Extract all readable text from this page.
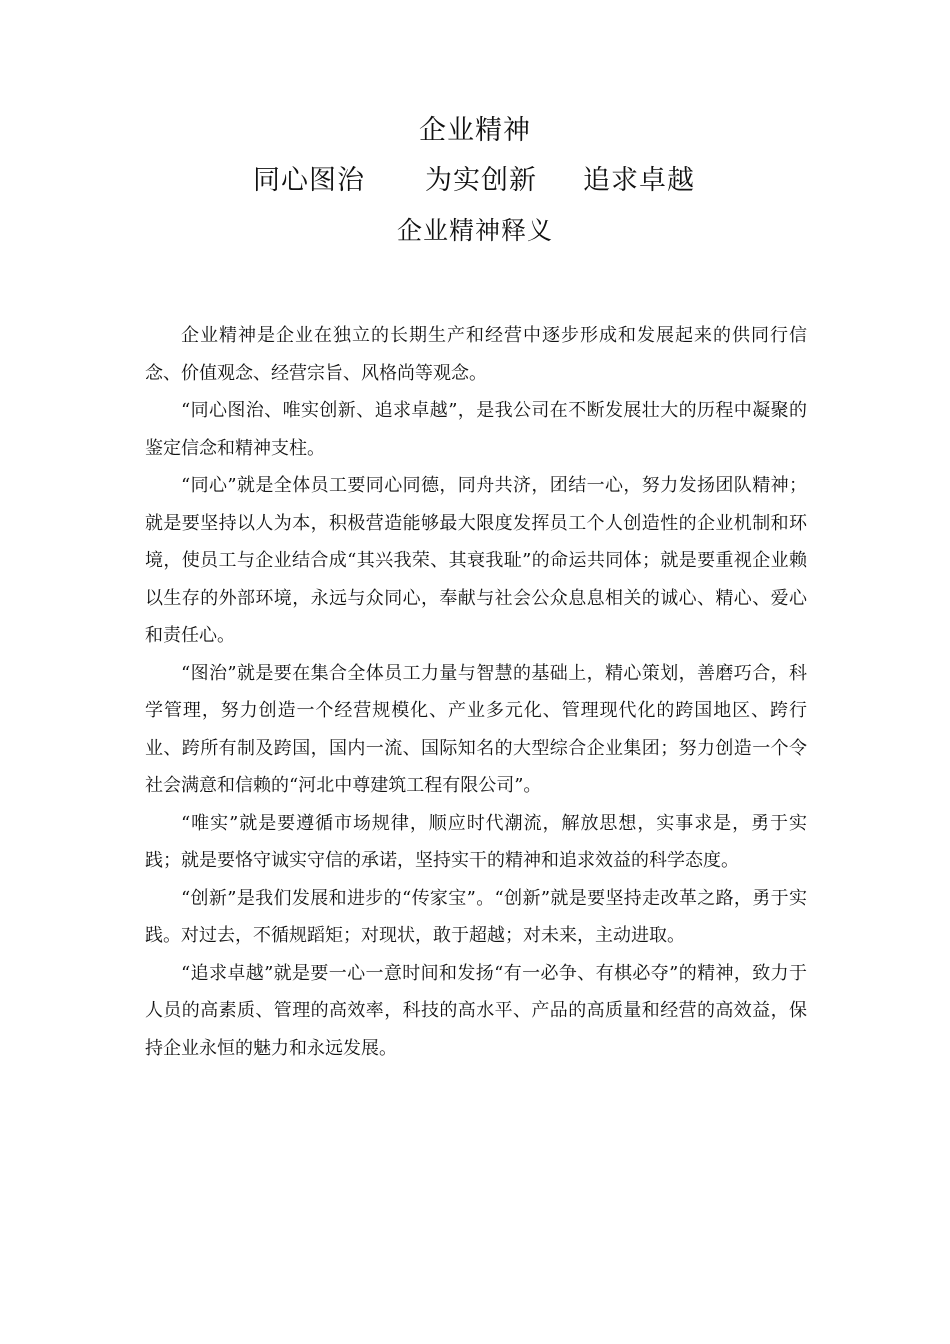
企业精神
同心图治 为实创新 追求卓越
企业精神释义

企业精神是企业在独立的长期生产和经营中逐步形成和发展起来的供同行信念、价值观念、经营宗旨、风格尚等观念。

“同心图治、唯实创新、追求卓越”，是我公司在不断发展壮大的历程中凝聚的鉴定信念和精神支柱。

“同心”就是全体员工要同心同德，同舟共济，团结一心，努力发扬团队精神；就是要坚持以人为本，积极营造能够最大限度发挥员工个人创造性的企业机制和环境，使员工与企业结合成“其兴我荣、其衰我耻”的命运共同体；就是要重视企业赖以生存的外部环境，永远与众同心，奉献与社会公众息息相关的诚心、精心、爱心和责任心。

“图治”就是要在集合全体员工力量与智慧的基础上，精心策划，善磨巧合，科学管理，努力创造一个经营规模化、产业多元化、管理现代化的跨国地区、跨行业、跨所有制及跨国，国内一流、国际知名的大型综合企业集团；努力创造一个令社会满意和信赖的“河北中尊建筑工程有限公司”。

“唯实”就是要遵循市场规律，顺应时代潮流，解放思想，实事求是，勇于实践；就是要恪守诚实守信的承诺，坚持实干的精神和追求效益的科学态度。

“创新”是我们发展和进步的“传家宝”。“创新”就是要坚持走改革之路，勇于实践。对过去，不循规蹈矩；对现状，敢于超越；对未来，主动进取。

“追求卓越”就是要一心一意时间和发扬“有一必争、有棋必夺”的精神，致力于人员的高素质、管理的高效率，科技的高水平、产品的高质量和经营的高效益，保持企业永恒的魅力和永远发展。
